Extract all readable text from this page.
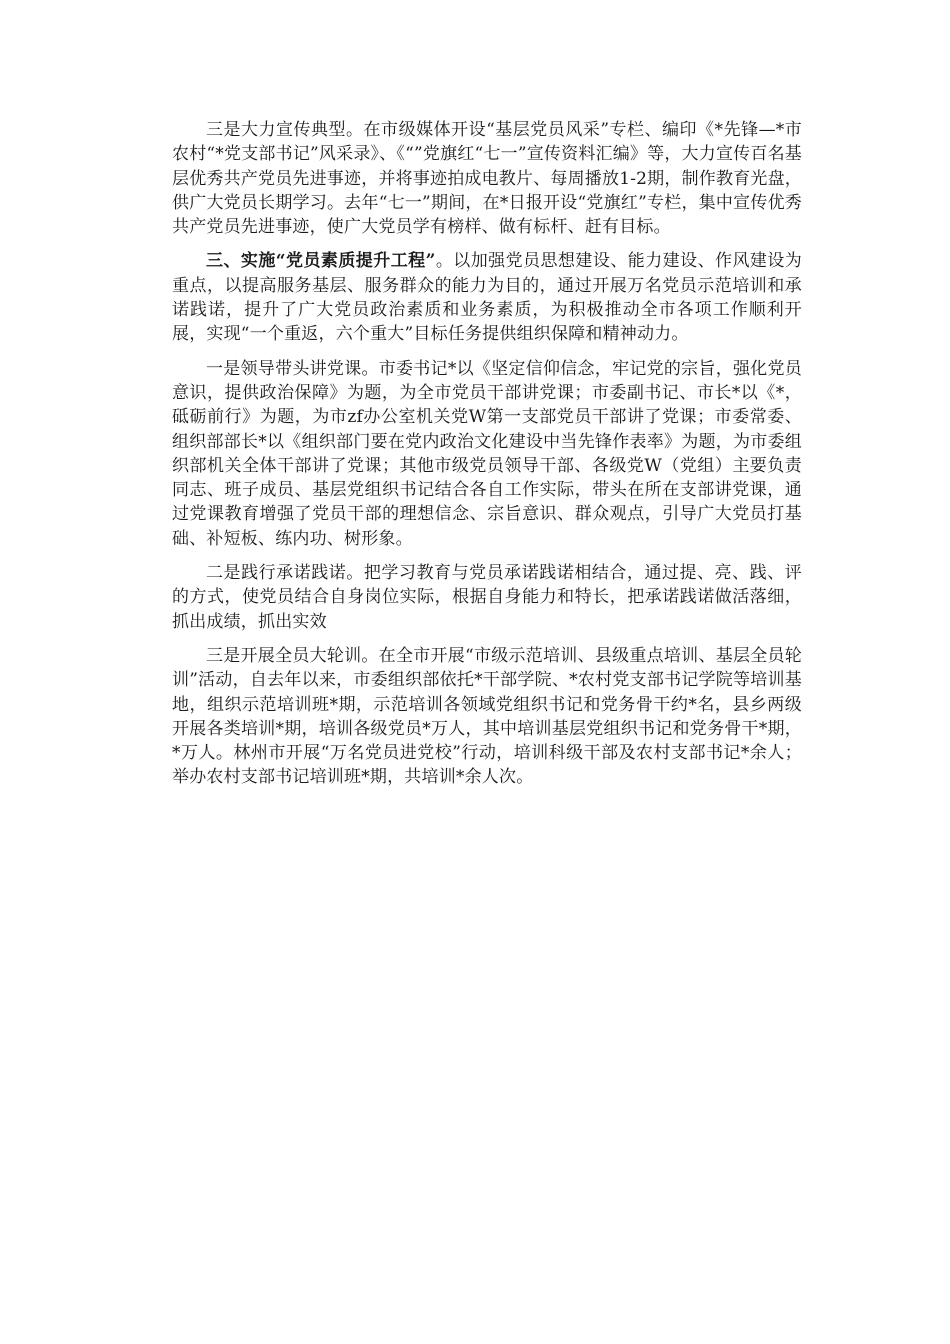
三是大力宣传典型。在市级媒体开设“基层党员风采”专栏、编印《*先锋—*市农村“*党支部书记”风采录》、《“”党旗红“七一”宣传资料汇编》等，大力宣传百名基层优秀共产党员先进事迹，并将事迹拍成电教片、每周播放1-2期，制作教育光盘，供广大党员长期学习。去年“七一”期间，在*日报开设“党旗红”专栏，集中宣传优秀共产党员先进事迹，使广大党员学有榜样、做有标杆、赶有目标。

三、实施“党员素质提升工程”。以加强党员思想建设、能力建设、作风建设为重点，以提高服务基层、服务群众的能力为目的，通过开展万名党员示范培训和承诺践诺，提升了广大党员政治素质和业务素质，为积极推动全市各项工作顺利开展，实现“一个重返，六个重大”目标任务提供组织保障和精神动力。

一是领导带头讲党课。市委书记*以《坚定信仰信念，牢记党的宗旨，强化党员意识，提供政治保障》为题，为全市党员干部讲党课；市委副书记、市长*以《*，砥砺前行》为题，为市zf办公室机关党W第一支部党员干部讲了党课；市委常委、组织部部长*以《组织部门要在党内政治文化建设中当先锋作表率》为题，为市委组织部机关全体干部讲了党课；其他市级党员领导干部、各级党W（党组）主要负责同志、班子成员、基层党组织书记结合各自工作实际，带头在所在支部讲党课，通过党课教育增强了党员干部的理想信念、宗旨意识、群众观点，引导广大党员打基础、补短板、练内功、树形象。

二是践行承诺践诺。把学习教育与党员承诺践诺相结合，通过提、亮、践、评的方式，使党员结合自身岗位实际，根据自身能力和特长，把承诺践诺做活落细，抓出成绩，抓出实效

三是开展全员大轮训。在全市开展“市级示范培训、县级重点培训、基层全员轮训”活动，自去年以来，市委组织部依托*干部学院、*农村党支部书记学院等培训基地，组织示范培训班*期，示范培训各领域党组织书记和党务骨干约*名，县乡两级开展各类培训*期，培训各级党员*万人，其中培训基层党组织书记和党务骨干*期，*万人。林州市开展“万名党员进党校”行动，培训科级干部及农村支部书记*余人；举办农村支部书记培训班*期，共培训*余人次。
